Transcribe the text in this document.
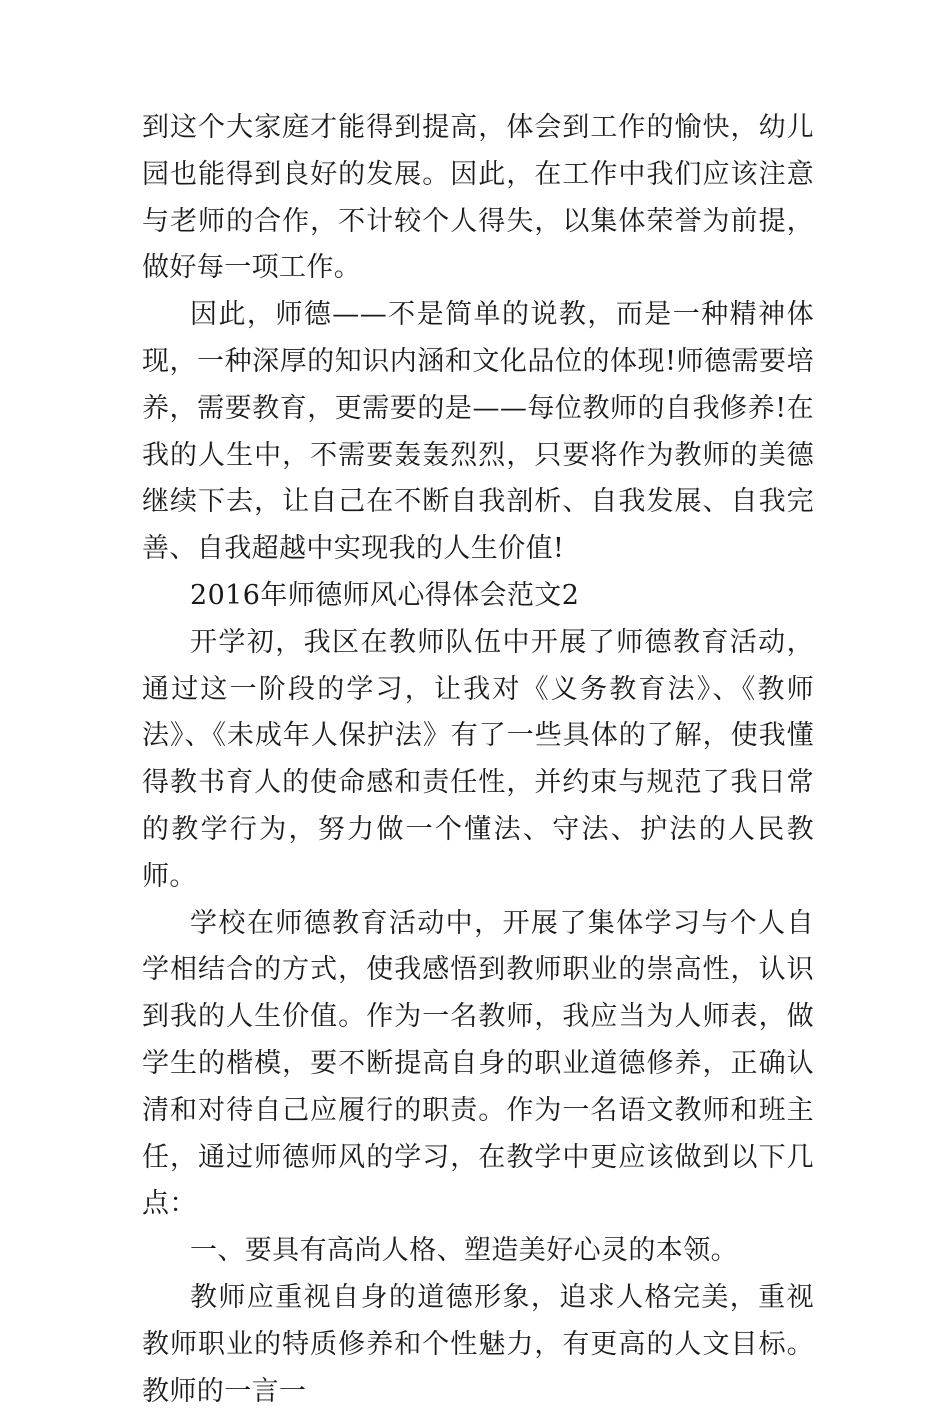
到这个大家庭才能得到提高，体会到工作的愉快，幼儿园也能得到良好的发展。因此，在工作中我们应该注意与老师的合作，不计较个人得失，以集体荣誉为前提，做好每一项工作。

因此，师德——不是简单的说教，而是一种精神体现，一种深厚的知识内涵和文化品位的体现!师德需要培养，需要教育，更需要的是——每位教师的自我修养!在我的人生中，不需要轰轰烈烈，只要将作为教师的美德继续下去，让自己在不断自我剖析、自我发展、自我完善、自我超越中实现我的人生价值!

2016年师德师风心得体会范文2

开学初，我区在教师队伍中开展了师德教育活动，通过这一阶段的学习，让我对《义务教育法》、《教师法》、《未成年人保护法》有了一些具体的了解，使我懂得教书育人的使命感和责任性，并约束与规范了我日常的教学行为，努力做一个懂法、守法、护法的人民教师。

学校在师德教育活动中，开展了集体学习与个人自学相结合的方式，使我感悟到教师职业的崇高性，认识到我的人生价值。作为一名教师，我应当为人师表，做学生的楷模，要不断提高自身的职业道德修养，正确认清和对待自己应履行的职责。作为一名语文教师和班主任，通过师德师风的学习，在教学中更应该做到以下几点：

一、要具有高尚人格、塑造美好心灵的本领。

教师应重视自身的道德形象，追求人格完美，重视教师职业的特质修养和个性魅力，有更高的人文目标。教师的一言一
